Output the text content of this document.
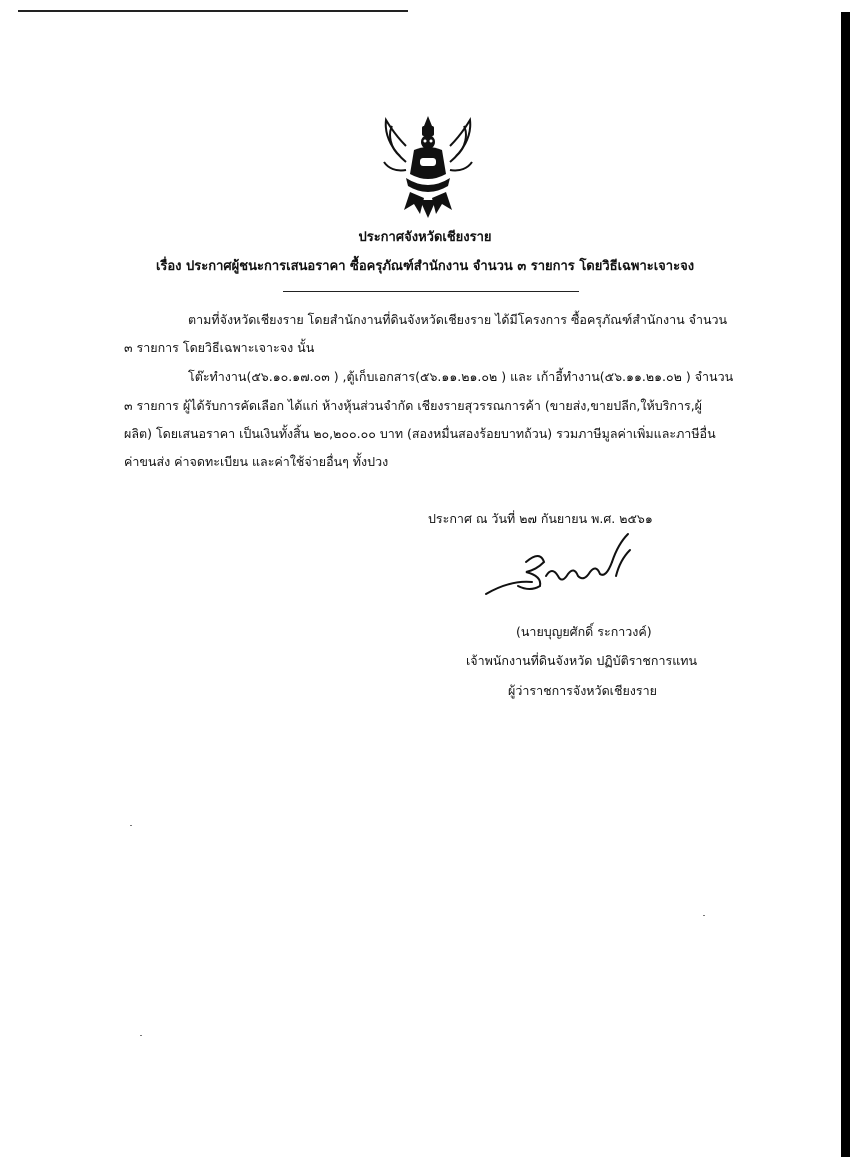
ประกาศจังหวัดเชียงราย
เรื่อง ประกาศผู้ชนะการเสนอราคา ซื้อครุภัณฑ์สำนักงาน จำนวน ๓ รายการ โดยวิธีเฉพาะเจาะจง
ตามที่จังหวัดเชียงราย โดยสำนักงานที่ดินจังหวัดเชียงราย ได้มีโครงการ ซื้อครุภัณฑ์สำนักงาน จำนวน
๓ รายการ โดยวิธีเฉพาะเจาะจง นั้น
โต๊ะทำงาน(๕๖.๑๐.๑๗.๐๓ ) ,ตู้เก็บเอกสาร(๕๖.๑๑.๒๑.๐๒ ) และ เก้าอี้ทำงาน(๕๖.๑๑.๒๑.๐๒ ) จำนวน
๓ รายการ ผู้ได้รับการคัดเลือก ได้แก่ ห้างหุ้นส่วนจำกัด เชียงรายสุวรรณการค้า (ขายส่ง,ขายปลีก,ให้บริการ,ผู้
ผลิต) โดยเสนอราคา เป็นเงินทั้งสิ้น ๒๐,๒๐๐.๐๐ บาท (สองหมื่นสองร้อยบาทถ้วน) รวมภาษีมูลค่าเพิ่มและภาษีอื่น
ค่าขนส่ง ค่าจดทะเบียน และค่าใช้จ่ายอื่นๆ ทั้งปวง
ประกาศ ณ วันที่ ๒๗ กันยายน พ.ศ. ๒๕๖๑
(นายบุญยศักดิ์ ระกาวงค์)
เจ้าพนักงานที่ดินจังหวัด ปฏิบัติราชการแทน
ผู้ว่าราชการจังหวัดเชียงราย
